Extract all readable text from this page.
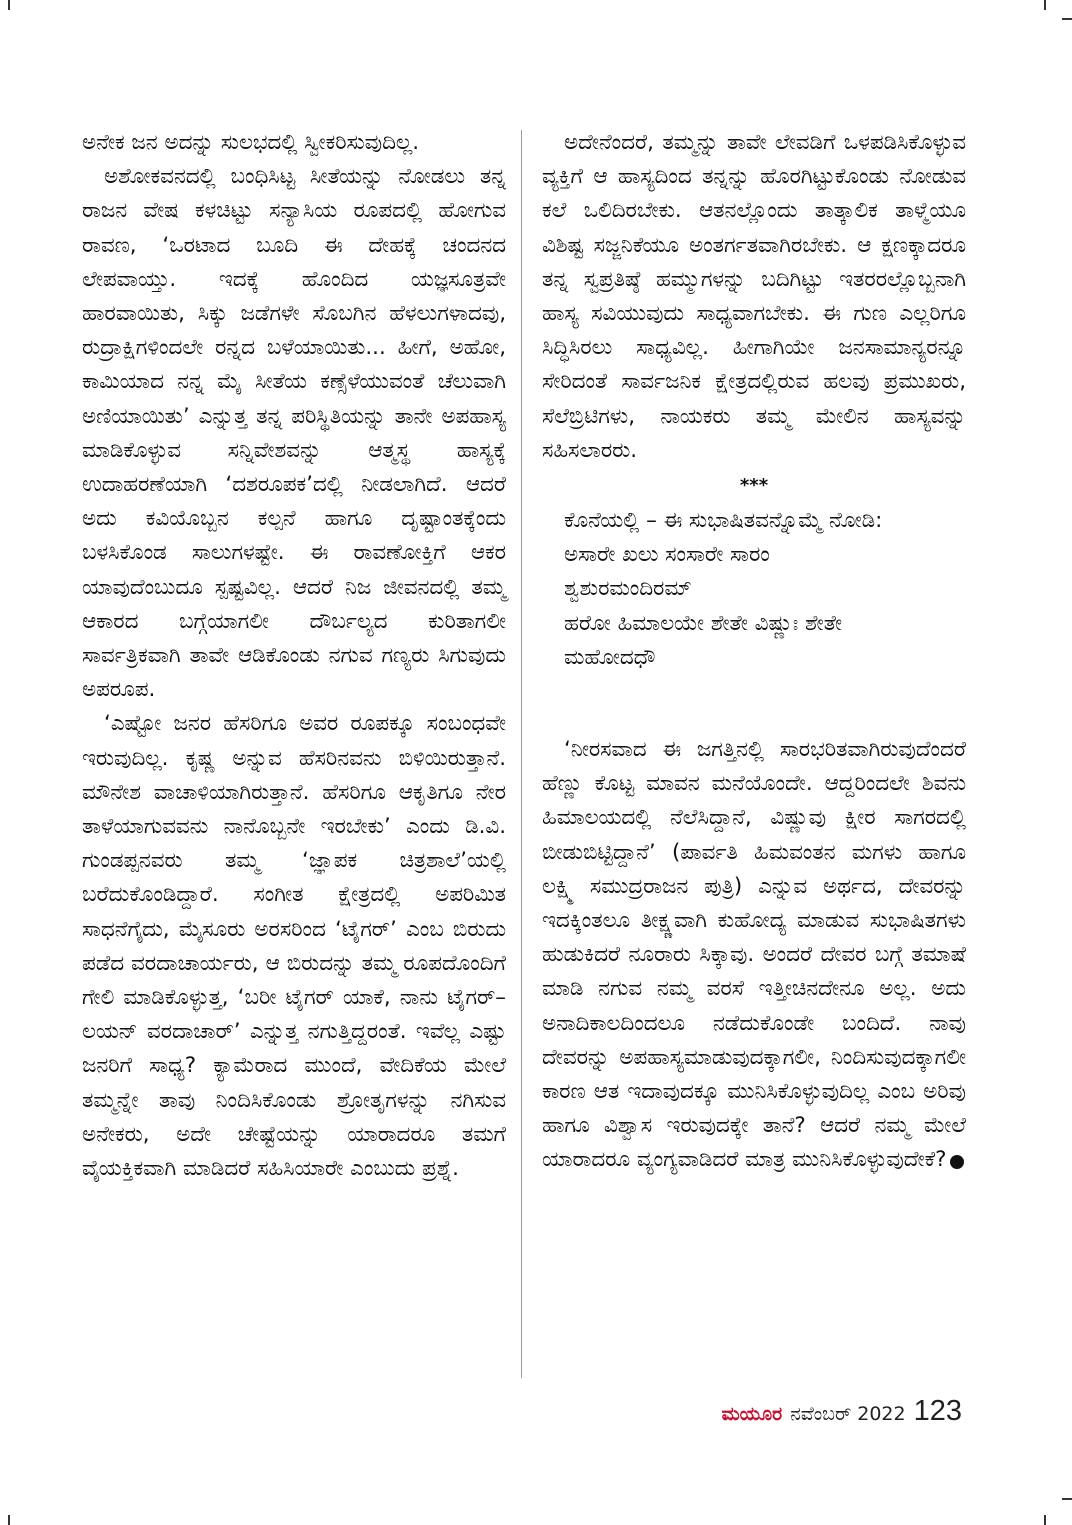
ಅನೇಕ ಜನ ಅದನ್ನು ಸುಲಭದಲ್ಲಿ ಸ್ವೀಕರಿಸುವುದಿಲ್ಲ.

ಅಶೋಕವನದಲ್ಲಿ ಬಂಧಿಸಿಟ್ಟ ಸೀತೆಯನ್ನು ನೋಡಲು ತನ್ನ ರಾಜನ ವೇಷ ಕಳಚಿಟ್ಟು ಸನ್ಯಾಸಿಯ ರೂಪದಲ್ಲಿ ಹೋಗುವ ರಾವಣ, ‘ಒರಟಾದ ಬೂದಿ ಈ ದೇಹಕ್ಕೆ ಚಂದನದ ಲೇಪವಾಯ್ತು. ಇದಕ್ಕೆ ಹೊಂದಿದ ಯಜ್ಞಸೂತ್ರವೇ ಹಾರವಾಯಿತು, ಸಿಕ್ಕು ಜಡೆಗಳೇ ಸೊಬಗಿನ ಹೆಳಲುಗಳಾದವು, ರುದ್ರಾಕ್ಷಿಗಳಿಂದಲೇ ರನ್ನದ ಬಳೆಯಾಯಿತು... ಹೀಗೆ, ಅಹೋ, ಕಾಮಿಯಾದ ನನ್ನ ಮೈ ಸೀತೆಯ ಕಣ್ಸೆಳೆಯುವಂತೆ ಚೆಲುವಾಗಿ ಅಣಿಯಾಯಿತು’ ಎನ್ನುತ್ತ ತನ್ನ ಪರಿಸ್ಥಿತಿಯನ್ನು ತಾನೇ ಅಪಹಾಸ್ಯ ಮಾಡಿಕೊಳ್ಳುವ ಸನ್ನಿವೇಶವನ್ನು ಆತ್ಮಸ್ಥ ಹಾಸ್ಯಕ್ಕೆ ಉದಾಹರಣೆಯಾಗಿ ‘ದಶರೂಪಕ’ದಲ್ಲಿ ನೀಡಲಾಗಿದೆ. ಆದರೆ ಅದು ಕವಿಯೊಬ್ಬನ ಕಲ್ಪನೆ ಹಾಗೂ ದೃಷ್ಟಾಂತಕ್ಕೆಂದು ಬಳಸಿಕೊಂಡ ಸಾಲುಗಳಷ್ಟೇ. ಈ ರಾವಣೋಕ್ತಿಗೆ ಆಕರ ಯಾವುದೆಂಬುದೂ ಸ್ಪಷ್ಟವಿಲ್ಲ. ಆದರೆ ನಿಜ ಜೀವನದಲ್ಲಿ ತಮ್ಮ ಆಕಾರದ ಬಗ್ಗೆಯಾಗಲೀ ದೌರ್ಬಲ್ಯದ ಕುರಿತಾಗಲೀ ಸಾರ್ವತ್ರಿಕವಾಗಿ ತಾವೇ ಆಡಿಕೊಂಡು ನಗುವ ಗಣ್ಯರು ಸಿಗುವುದು ಅಪರೂಪ.

‘ಎಷ್ಟೋ ಜನರ ಹೆಸರಿಗೂ ಅವರ ರೂಪಕ್ಕೂ ಸಂಬಂಧವೇ ಇರುವುದಿಲ್ಲ. ಕೃಷ್ಣ ಅನ್ನುವ ಹೆಸರಿನವನು ಬಿಳಿಯಿರುತ್ತಾನೆ. ಮೌನೇಶ ವಾಚಾಳಿಯಾಗಿರುತ್ತಾನೆ. ಹೆಸರಿಗೂ ಆಕೃತಿಗೂ ನೇರ ತಾಳೆಯಾಗುವವನು ನಾನೊಬ್ಬನೇ ಇರಬೇಕು’ ಎಂದು ಡಿ.ವಿ. ಗುಂಡಪ್ಪನವರು ತಮ್ಮ ‘ಜ್ಞಾಪಕ ಚಿತ್ರಶಾಲೆ’ಯಲ್ಲಿ ಬರೆದುಕೊಂಡಿದ್ದಾರೆ. ಸಂಗೀತ ಕ್ಷೇತ್ರದಲ್ಲಿ ಅಪರಿಮಿತ ಸಾಧನೆಗೈದು, ಮೈಸೂರು ಅರಸರಿಂದ ‘ಟೈಗರ್’ ಎಂಬ ಬಿರುದು ಪಡೆದ ವರದಾಚಾರ್ಯರು, ಆ ಬಿರುದನ್ನು ತಮ್ಮ ರೂಪದೊಂದಿಗೆ ಗೇಲಿ ಮಾಡಿಕೊಳ್ಳುತ್ತ, ‘ಬರೀ ಟೈಗರ್ ಯಾಕೆ, ನಾನು ಟೈಗರ್–ಲಯನ್ ವರದಾಚಾರ್’ ಎನ್ನುತ್ತ ನಗುತ್ತಿದ್ದರಂತೆ. ಇವೆಲ್ಲ ಎಷ್ಟು ಜನರಿಗೆ ಸಾಧ್ಯ? ಕ್ಯಾಮೆರಾದ ಮುಂದೆ, ವೇದಿಕೆಯ ಮೇಲೆ ತಮ್ಮನ್ನೇ ತಾವು ನಿಂದಿಸಿಕೊಂಡು ಶ್ರೋತೃಗಳನ್ನು ನಗಿಸುವ ಅನೇಕರು, ಅದೇ ಚೇಷ್ಟೆಯನ್ನು ಯಾರಾದರೂ ತಮಗೆ ವೈಯಕ್ತಿಕವಾಗಿ ಮಾಡಿದರೆ ಸಹಿಸಿಯಾರೇ ಎಂಬುದು ಪ್ರಶ್ನೆ.

ಅದೇನೆಂದರೆ, ತಮ್ಮನ್ನು ತಾವೇ ಲೇವಡಿಗೆ ಒಳಪಡಿಸಿಕೊಳ್ಳುವ ವ್ಯಕ್ತಿಗೆ ಆ ಹಾಸ್ಯದಿಂದ ತನ್ನನ್ನು ಹೊರಗಿಟ್ಟುಕೊಂಡು ನೋಡುವ ಕಲೆ ಒಲಿದಿರಬೇಕು. ಆತನಲ್ಲೊಂದು ತಾತ್ಕಾಲಿಕ ತಾಳ್ಮೆಯೂ ವಿಶಿಷ್ಟ ಸಜ್ಜನಿಕೆಯೂ ಅಂತರ್ಗತವಾಗಿರಬೇಕು. ಆ ಕ್ಷಣಕ್ಕಾದರೂ ತನ್ನ ಸ್ವಪ್ರತಿಷ್ಠೆ ಹಮ್ಮುಗಳನ್ನು ಬದಿಗಿಟ್ಟು ಇತರರಲ್ಲೊಬ್ಬನಾಗಿ ಹಾಸ್ಯ ಸವಿಯುವುದು ಸಾಧ್ಯವಾಗಬೇಕು. ಈ ಗುಣ ಎಲ್ಲರಿಗೂ ಸಿದ್ಧಿಸಿರಲು ಸಾಧ್ಯವಿಲ್ಲ. ಹೀಗಾಗಿಯೇ ಜನಸಾಮಾನ್ಯರನ್ನೂ ಸೇರಿದಂತೆ ಸಾರ್ವಜನಿಕ ಕ್ಷೇತ್ರದಲ್ಲಿರುವ ಹಲವು ಪ್ರಮುಖರು, ಸೆಲೆಬ್ರಿಟಿಗಳು, ನಾಯಕರು ತಮ್ಮ ಮೇಲಿನ ಹಾಸ್ಯವನ್ನು ಸಹಿಸಲಾರರು.

***
ಕೊನೆಯಲ್ಲಿ – ಈ ಸುಭಾಷಿತವನ್ನೊಮ್ಮೆ ನೋಡಿ:
ಅಸಾರೇ ಖಲು ಸಂಸಾರೇ ಸಾರಂ
ಶ್ವಶುರಮಂದಿರಮ್
ಹರೋ ಹಿಮಾಲಯೇ ಶೇತೇ ವಿಷ್ಣುಃ ಶೇತೇ
ಮಹೋದಧೌ

‘ನೀರಸವಾದ ಈ ಜಗತ್ತಿನಲ್ಲಿ ಸಾರಭರಿತವಾಗಿರುವುದೆಂದರೆ ಹೆಣ್ಣು ಕೊಟ್ಟ ಮಾವನ ಮನೆಯೊಂದೇ. ಆದ್ದರಿಂದಲೇ ಶಿವನು ಹಿಮಾಲಯದಲ್ಲಿ ನೆಲೆಸಿದ್ದಾನೆ, ವಿಷ್ಣುವು ಕ್ಷೀರ ಸಾಗರದಲ್ಲಿ ಬೀಡುಬಿಟ್ಟಿದ್ದಾನೆ’ (ಪಾರ್ವತಿ ಹಿಮವಂತನ ಮಗಳು ಹಾಗೂ ಲಕ್ಷ್ಮಿ ಸಮುದ್ರರಾಜನ ಪುತ್ರಿ) ಎನ್ನುವ ಅರ್ಥದ, ದೇವರನ್ನು ಇದಕ್ಕಿಂತಲೂ ತೀಕ್ಷ್ಣವಾಗಿ ಕುಹೋದ್ಯ ಮಾಡುವ ಸುಭಾಷಿತಗಳು ಹುಡುಕಿದರೆ ನೂರಾರು ಸಿಕ್ಕಾವು. ಅಂದರೆ ದೇವರ ಬಗ್ಗೆ ತಮಾಷೆ ಮಾಡಿ ನಗುವ ನಮ್ಮ ವರಸೆ ಇತ್ತೀಚಿನದೇನೂ ಅಲ್ಲ. ಅದು ಅನಾದಿಕಾಲದಿಂದಲೂ ನಡೆದುಕೊಂಡೇ ಬಂದಿದೆ. ನಾವು ದೇವರನ್ನು ಅಪಹಾಸ್ಯಮಾಡುವುದಕ್ಕಾಗಲೀ, ನಿಂದಿಸುವುದಕ್ಕಾಗಲೀ ಕಾರಣ ಆತ ಇದಾವುದಕ್ಕೂ ಮುನಿಸಿಕೊಳ್ಳುವುದಿಲ್ಲ ಎಂಬ ಅರಿವು ಹಾಗೂ ವಿಶ್ವಾಸ ಇರುವುದಕ್ಕೇ ತಾನೆ? ಆದರೆ ನಮ್ಮ ಮೇಲೆ ಯಾರಾದರೂ ವ್ಯಂಗ್ಯವಾಡಿದರೆ ಮಾತ್ರ ಮುನಿಸಿಕೊಳ್ಳುವುದೇಕೆ?

ಮಯೂರ ನವೆಂಬರ್ 2022 123
